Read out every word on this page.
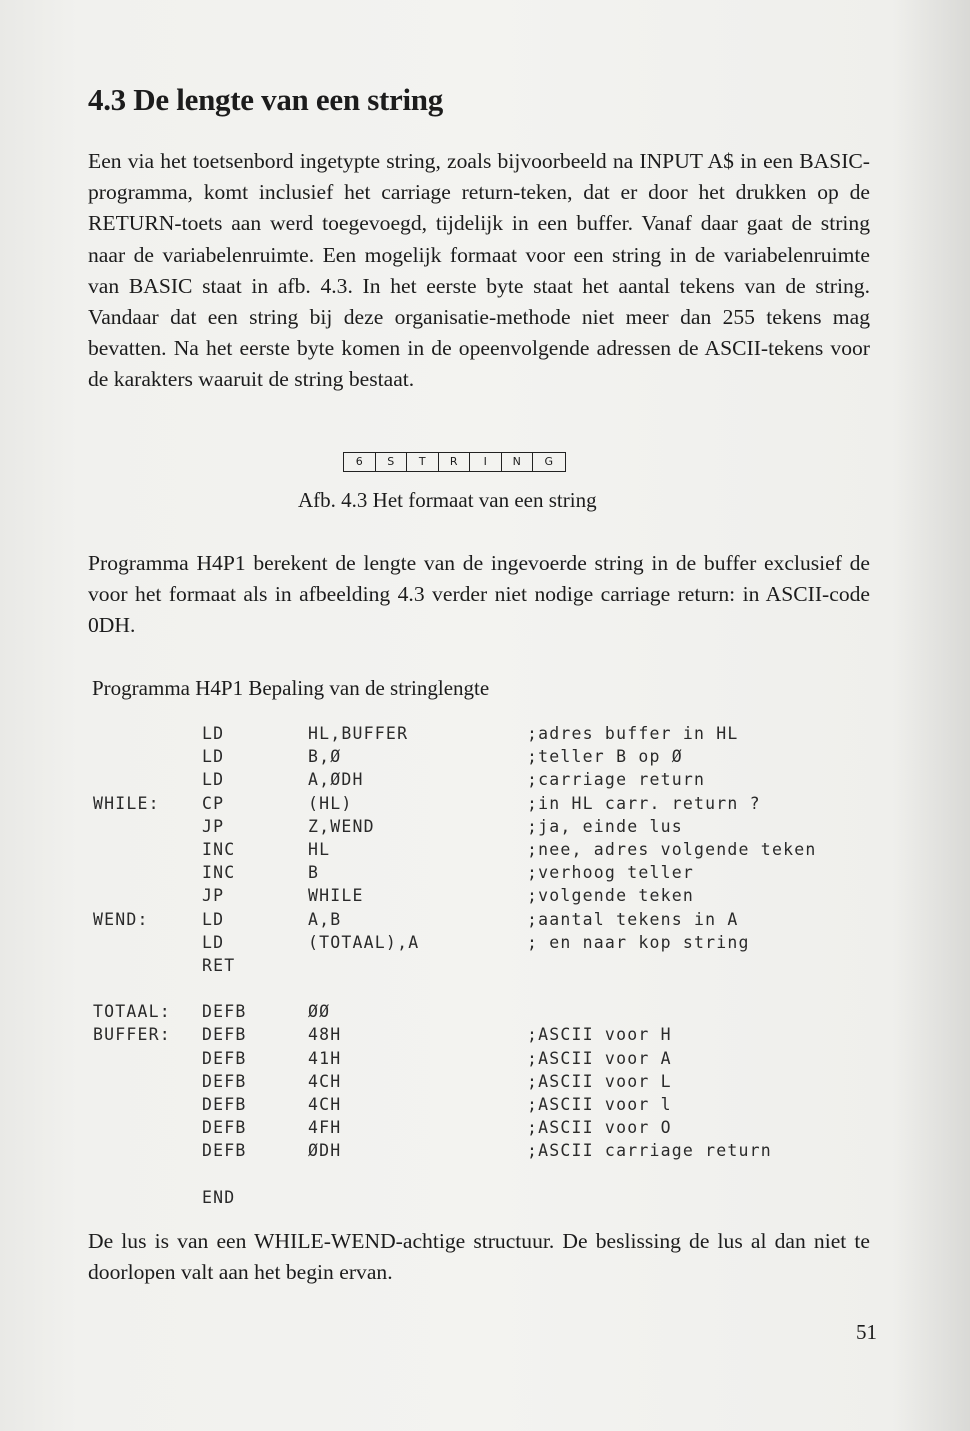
4.3 De lengte van een string

Een via het toetsenbord ingetypte string, zoals bijvoorbeeld na INPUT A$ in een BASIC-programma, komt inclusief het carriage return-teken, dat er door het drukken op de RETURN-toets aan werd toegevoegd, tijdelijk in een buffer. Vanaf daar gaat de string naar de variabelenruimte. Een mogelijk formaat voor een string in de variabelenruimte van BASIC staat in afb. 4.3. In het eerste byte staat het aantal tekens van de string. Vandaar dat een string bij deze organisatie-methode niet meer dan 255 tekens mag bevatten. Na het eerste byte komen in de opeenvolgende adressen de ASCII-tekens voor de karakters waaruit de string bestaat.

6	S	T	R	I	N	G
Afb. 4.3 Het formaat van een string

Programma H4P1 berekent de lengte van de ingevoerde string in de buffer exclusief de voor het formaat als in afbeelding 4.3 verder niet nodige carriage return: in ASCII-code 0DH.

Programma H4P1 Bepaling van de stringlengte
LD	HL,BUFFER	;adres buffer in HL
LD	B,Ø	;teller B op Ø
LD	A,ØDH	;carriage return
WHILE:	CP	(HL)	;in HL carr. return ?
JP	Z,WEND	;ja, einde lus
INC	HL	;nee, adres volgende teken
INC	B	;verhoog teller
JP	WHILE	;volgende teken
WEND:	LD	A,B	;aantal tekens in A
LD	(TOTAAL),A	; en naar kop string
RET
TOTAAL: DEFB	ØØ
BUFFER: DEFB	48H	;ASCII voor H
DEFB	41H	;ASCII voor A
DEFB	4CH	;ASCII voor L
DEFB	4CH	;ASCII voor l
DEFB	4FH	;ASCII voor O
DEFB	ØDH	;ASCII carriage return
END

De lus is van een WHILE-WEND-achtige structuur. De beslissing de lus al dan niet te doorlopen valt aan het begin ervan.

51
